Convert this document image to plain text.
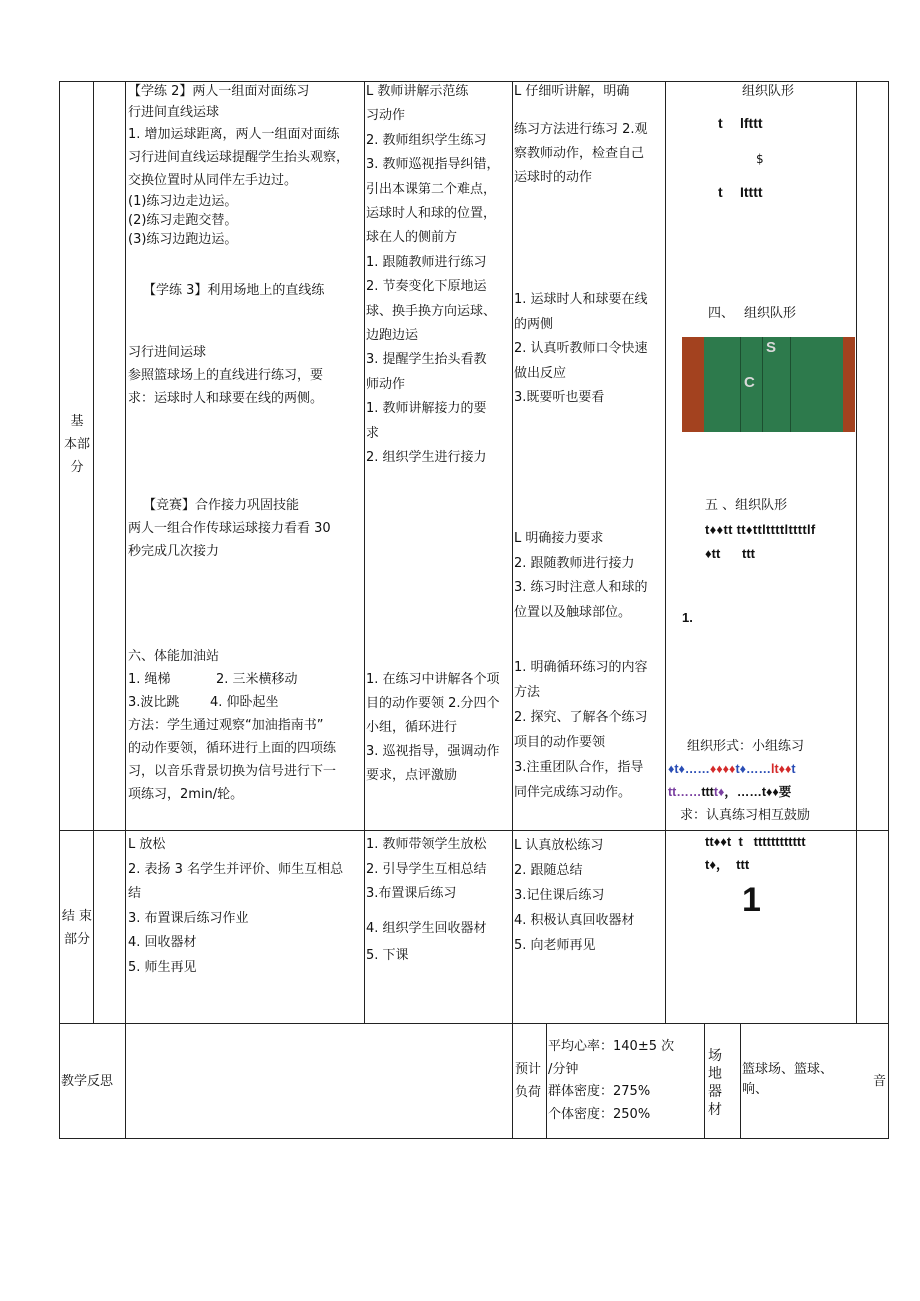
基

本部

分

【学练 2】两人一组面对面练习

行进间直线运球

1. 增加运球距离，两人一组面对面练

习行进间直线运球提醒学生抬头观察，

交换位置时从同伴左手边过。

(1)练习边走边运。

(2)练习走跑交替。

(3)练习边跑边运。

【学练 3】利用场地上的直线练

习行进间运球

参照篮球场上的直线进行练习，要

求：运球时人和球要在线的两侧。

【竞赛】合作接力巩固技能

两人一组合作传球运球接力看看 30

秒完成几次接力

六、体能加油站

1. 绳梯	2. 三米横移动

3.波比跳 4. 仰卧起坐

方法：学生通过观察“加油指南书”

的动作要领，循环进行上面的四项练

习，以音乐背景切换为信号进行下一

项练习，2min/轮。

L 教师讲解示范练

习动作

2. 教师组织学生练习

3. 教师巡视指导纠错，

引出本课第二个难点，

运球时人和球的位置，

球在人的侧前方

1. 跟随教师进行练习

2. 节奏变化下原地运

球、换手换方向运球、

边跑边运

3. 提醒学生抬头看教

师动作

1. 教师讲解接力的要

求

2. 组织学生进行接力

1. 在练习中讲解各个项

目的动作要领 2.分四个

小组，循环进行

3. 巡视指导，强调动作

要求，点评激励

L 仔细听讲解，明确

练习方法进行练习 2.观

察教师动作，检查自己

运球时的动作

1. 运球时人和球要在线

的两侧

2. 认真听教师口令快速

做出反应

3.既要听也要看

L 明确接力要求

2. 跟随教师进行接力

3. 练习时注意人和球的

位置以及触球部位。

1. 明确循环练习的内容

方法

2. 探究、了解各个练习

项目的动作要领

3.注重团队合作，指导

同伴完成练习动作。

组织队形

t lfttt
$
t Itttt
四、 组织队形
S
C

五 、组织队形

t♦♦tt tt♦ttlttttlttttlf
♦tt ttt
1.

组织形式：小组练习

♦t♦……♦♦♦♦t♦……lt♦♦t

tt……tttt♦，……t♦♦要

求：认真练习相互鼓励

结 束

部分

L 放松

2. 表扬 3 名学生并评价、师生互相总

结

3. 布置课后练习作业

4. 回收器材

5. 师生再见

1. 教师带领学生放松

2. 引导学生互相总结

3.布置课后练习

4. 组织学生回收器材

5. 下课

L 认真放松练习

2. 跟随总结

3.记住课后练习

4. 积极认真回收器材

5. 向老师再见

tt♦♦t  t   tttttttttttt
t♦，  ttt
1
教学反思

预计

负荷

平均心率：140±5 次

/分钟

群体密度：275%

个体密度：250%

场

地

器

材

篮球场、篮球、

响、

音
